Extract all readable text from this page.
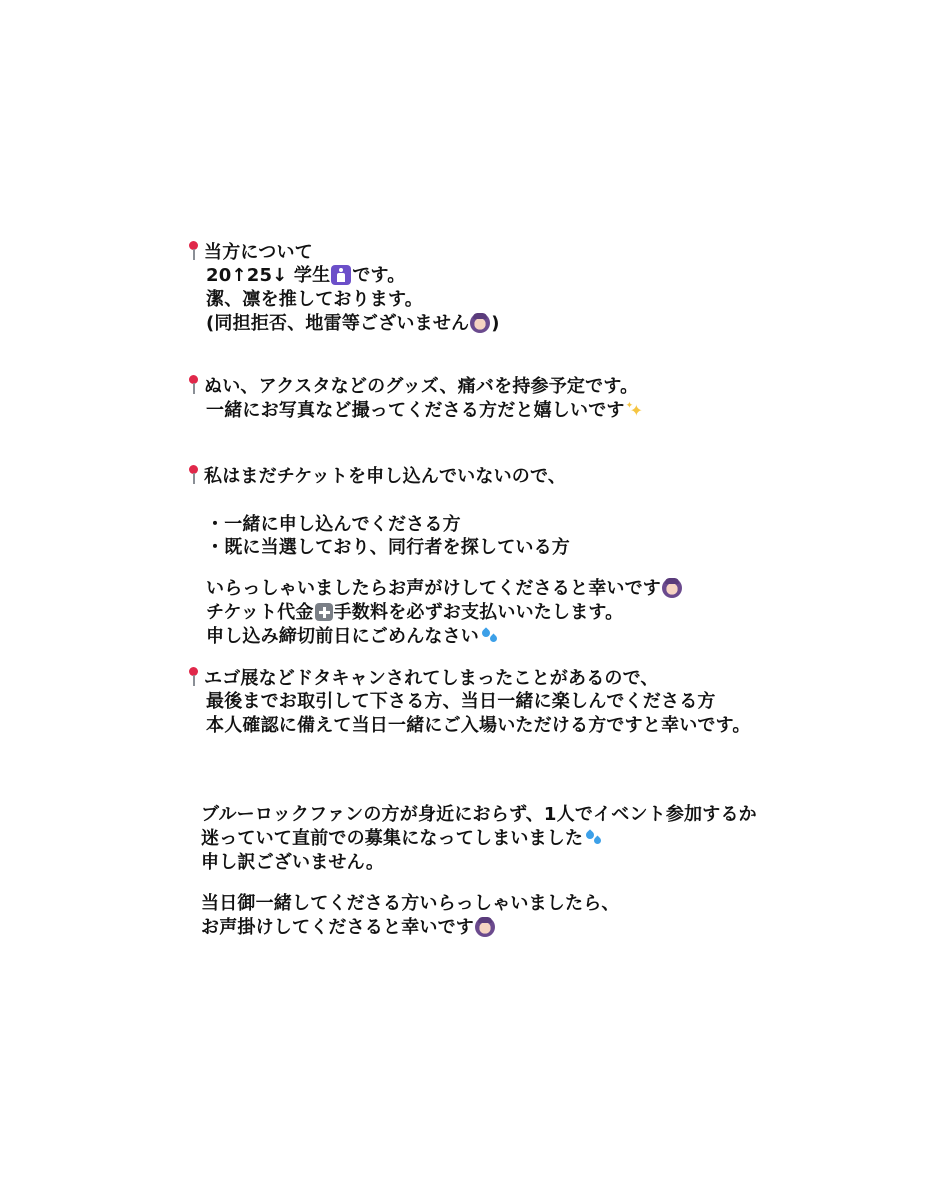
当方について
20↑25↓ 学生 です。
潔、凛を推しております。
(同担拒否、地雷等ございません )
ぬい、アクスタなどのグッズ、痛バを持参予定です。
一緒にお写真など撮ってくださる方だと嬉しいです✦ ✦
私はまだチケットを申し込んでいないので、
・一緒に申し込んでくださる方
・既に当選しており、同行者を探している方
いらっしゃいましたらお声がけしてくださると幸いです
チケット代金 手数料を必ずお支払いいたします。
申し込み締切前日にごめんなさい
エゴ展などドタキャンされてしまったことがあるので、
最後までお取引して下さる方、当日一緒に楽しんでくださる方
本人確認に備えて当日一緒にご入場いただける方ですと幸いです。
ブルーロックファンの方が身近におらず、1人でイベント参加するか
迷っていて直前での募集になってしまいました
申し訳ございません。
当日御一緒してくださる方いらっしゃいましたら、
お声掛けしてくださると幸いです
